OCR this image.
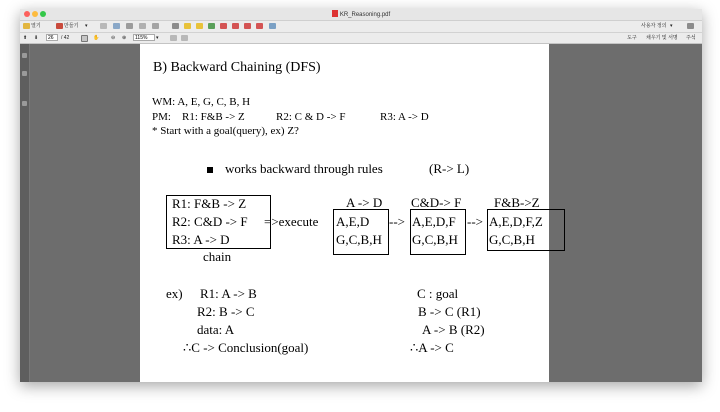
KR_Reasoning.pdf
열기	만들기 ▾	사용자 정의 ▾
⬆ ⬇
26	/ 42	✋ ⊖ ⊕
115%	▾	도구 채우기 및 서명 주석
B) Backward Chaining (DFS)
WM: A, E, G, C, B, H
PM: R1: F&B -> Z	R2: C & D -> F	R3: A -> D
* Start with a goal(query), ex) Z?
works backward through rules	(R-> L)
R1: F&B -> Z
R2: C&D -> F
R3: A -> D
chain
=>execute
A -> D C&D-> F	F&B->Z
A,E,D
G,C,B,H
--> A,E,D,F
G,C,B,H
--> A,E,D,F,Z
G,C,B,H
ex) R1: A -> B
R2: B -> C
data: A
∴C -> Conclusion(goal)
C : goal
B -> C (R1)
A -> B (R2)
∴A -> C
